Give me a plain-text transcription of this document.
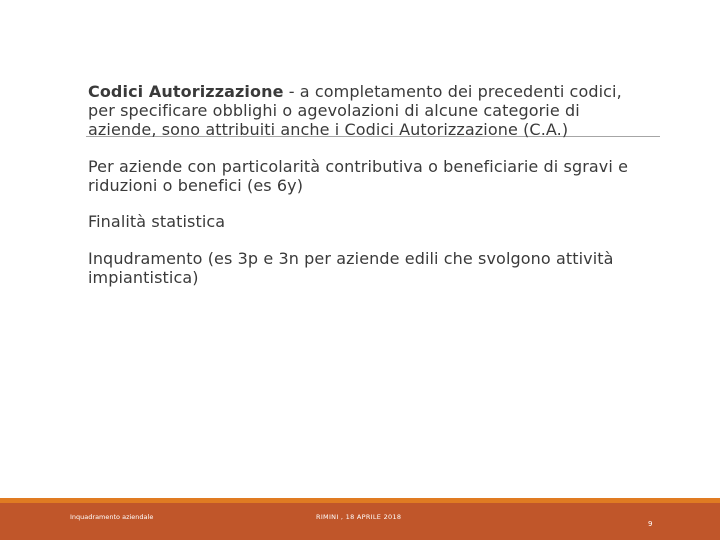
Codici Autorizzazione - a completamento dei precedenti codici, per specificare obblighi o agevolazioni di alcune categorie di aziende, sono attribuiti anche i Codici Autorizzazione (C.A.)

Per aziende con particolarità contributiva o beneficiarie di sgravi e riduzioni o benefici (es 6y)

Finalità statistica

Inqudramento (es 3p e 3n per aziende edili che svolgono attività impiantistica)

Inquadramento aziendale	RIMINI , 18 APRILE 2018
9
